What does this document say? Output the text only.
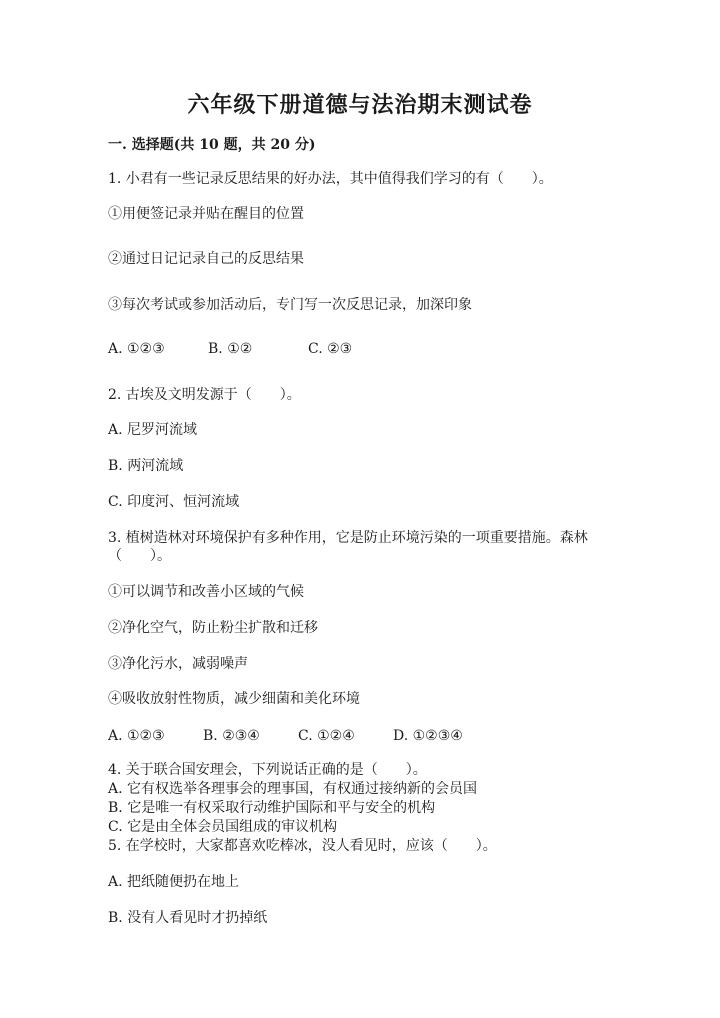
六年级下册道德与法治期末测试卷
一. 选择题(共 10 题，共 20 分)
1. 小君有一些记录反思结果的好办法，其中值得我们学习的有（　　）。
①用便签记录并贴在醒目的位置
②通过日记记录自己的反思结果
③每次考试或参加活动后，专门写一次反思记录，加深印象
A. ①②③	B. ①②	C. ②③
2. 古埃及文明发源于（　　）。
A. 尼罗河流域
B. 两河流域
C. 印度河、恒河流域
3. 植树造林对环境保护有多种作用，它是防止环境污染的一项重要措施。森林
（　　）。
①可以调节和改善小区域的气候
②净化空气，防止粉尘扩散和迁移
③净化污水，减弱噪声
④吸收放射性物质，减少细菌和美化环境
A. ①②③	B. ②③④	C. ①②④	D. ①②③④
4. 关于联合国安理会，下列说话正确的是（　　）。
A. 它有权选举各理事会的理事国，有权通过接纳新的会员国
B. 它是唯一有权采取行动维护国际和平与安全的机构
C. 它是由全体会员国组成的审议机构
5. 在学校时，大家都喜欢吃棒冰，没人看见时，应该（　　）。
A. 把纸随便扔在地上
B. 没有人看见时才扔掉纸
